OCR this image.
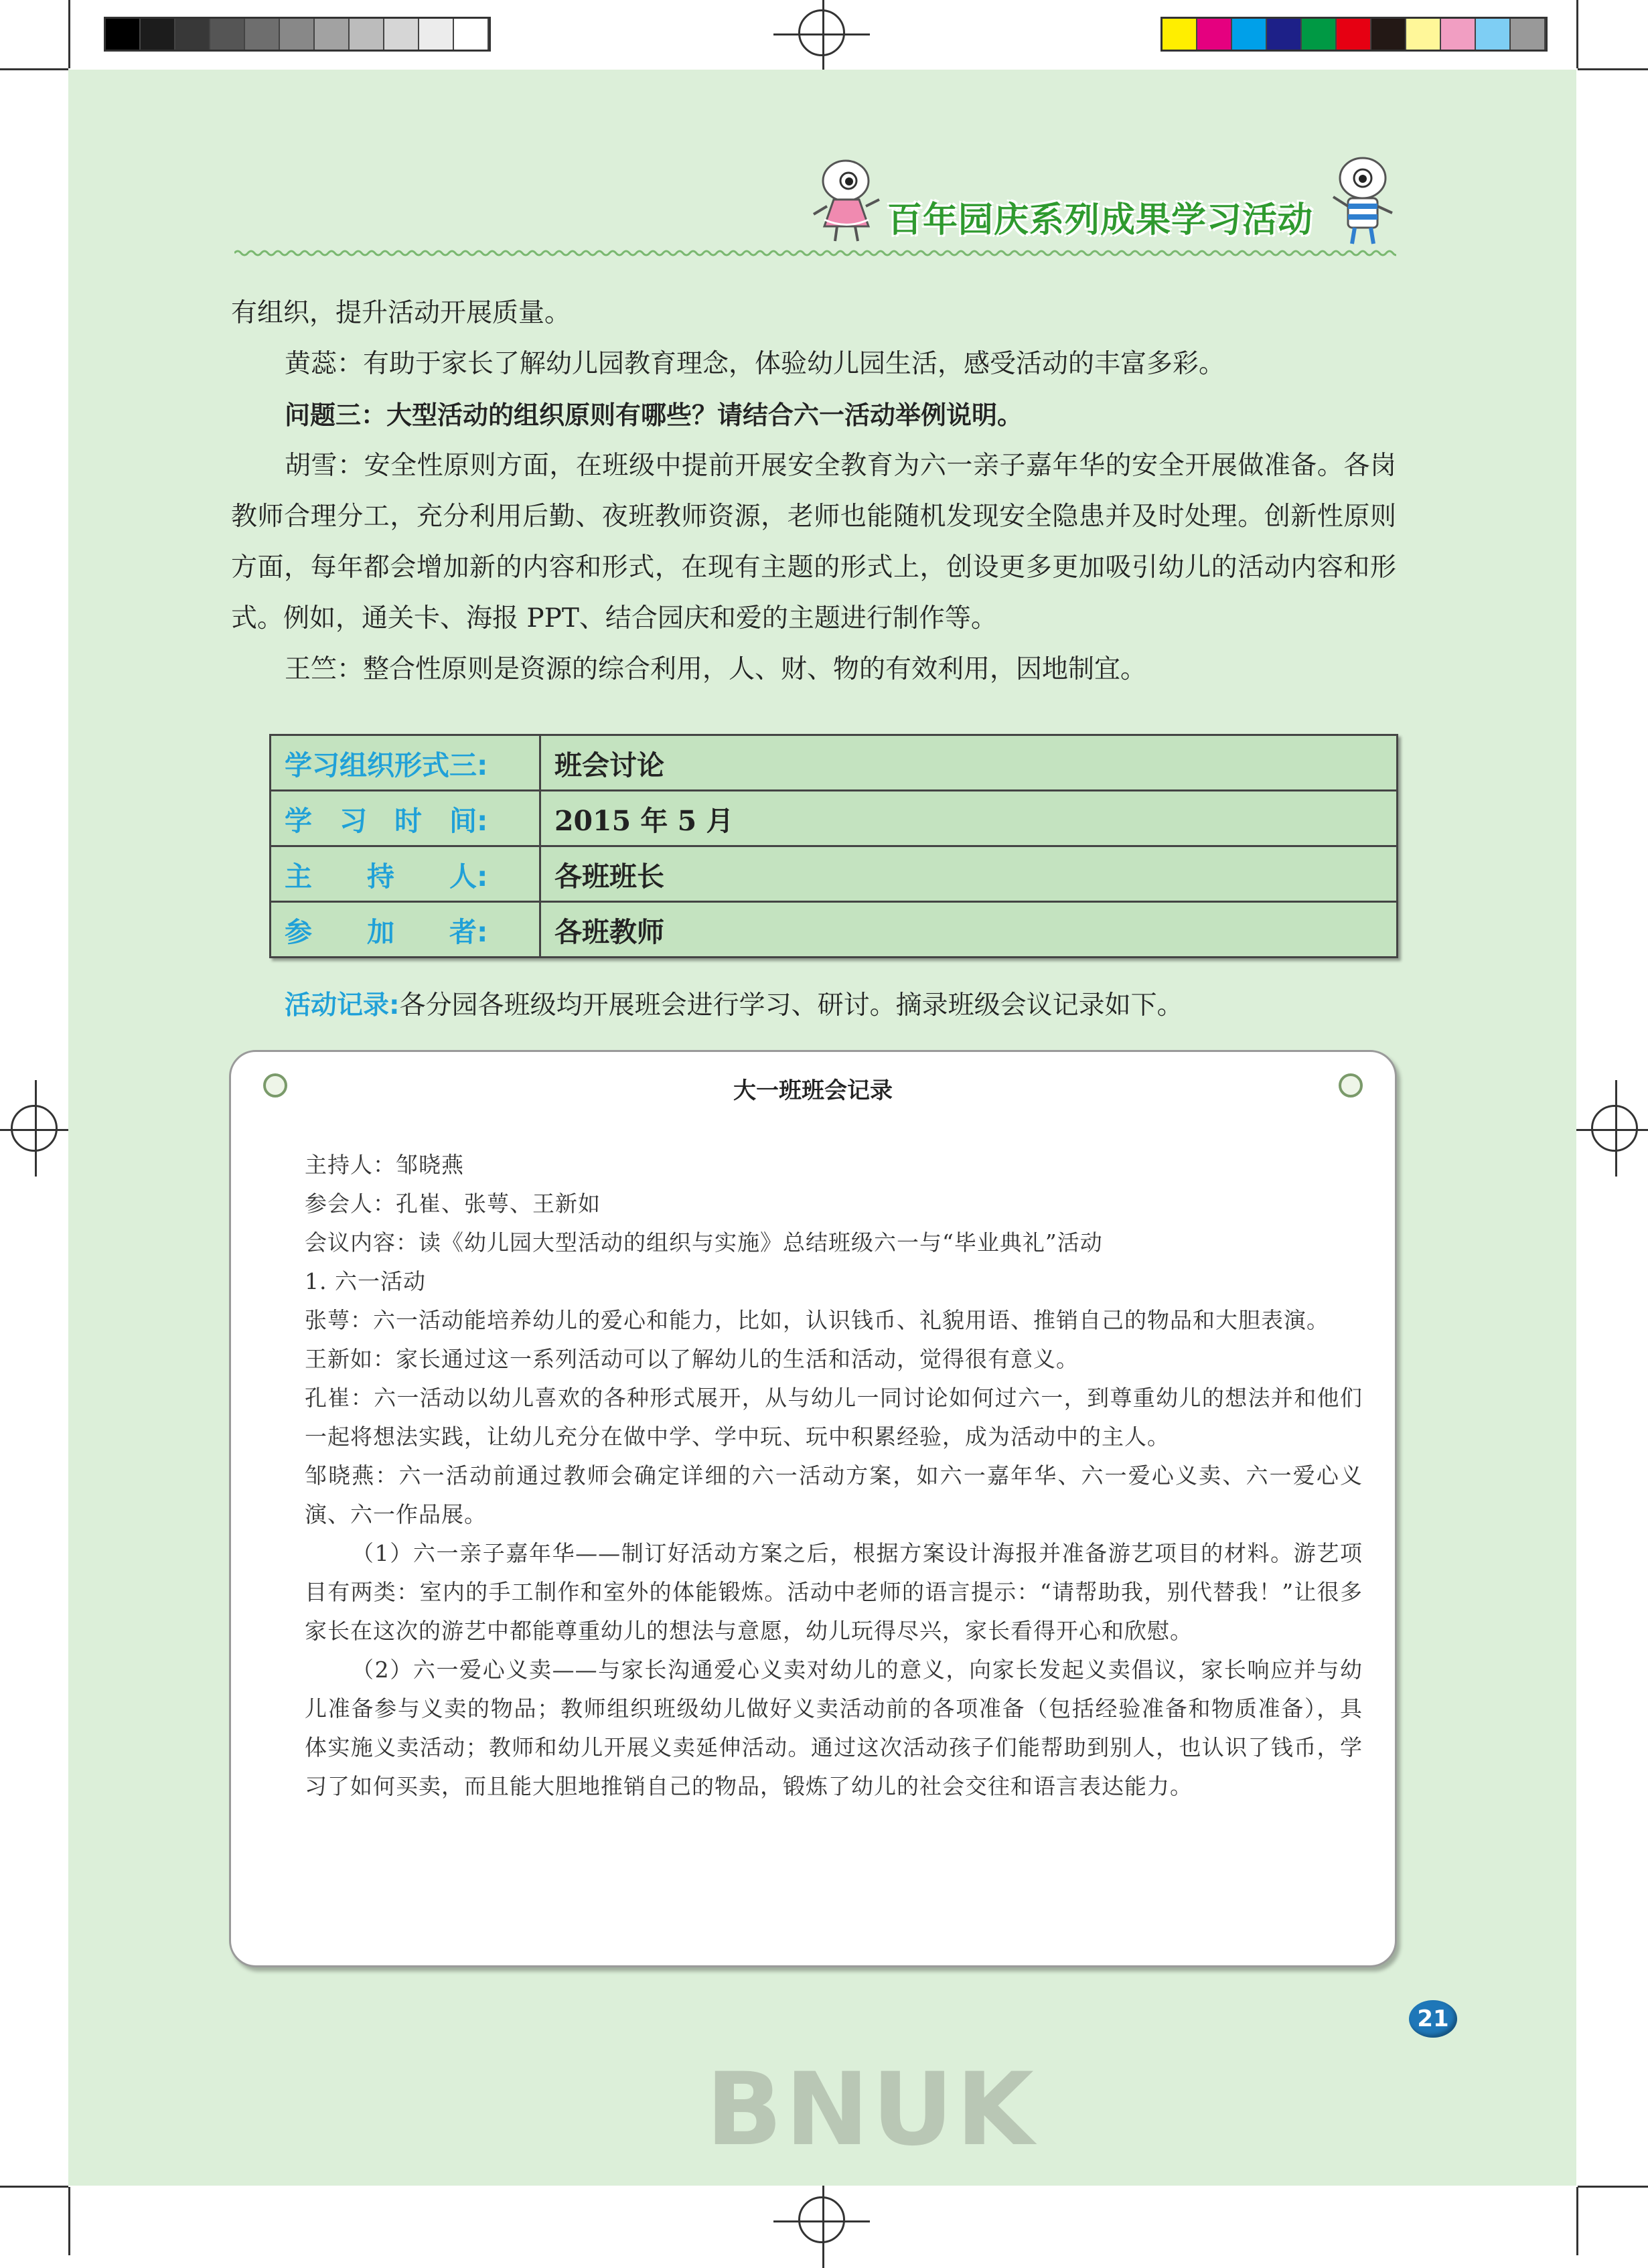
百年园庆系列成果学习活动

有组织，提升活动开展质量。

黄蕊：有助于家长了解幼儿园教育理念，体验幼儿园生活，感受活动的丰富多彩。

问题三：大型活动的组织原则有哪些？请结合六一活动举例说明。

胡雪：安全性原则方面，在班级中提前开展安全教育为六一亲子嘉年华的安全开展做准备。各岗教师合理分工，充分利用后勤、夜班教师资源，老师也能随机发现安全隐患并及时处理。创新性原则方面，每年都会增加新的内容和形式，在现有主题的形式上，创设更多更加吸引幼儿的活动内容和形式。例如，通关卡、海报 PPT、结合园庆和爱的主题进行制作等。

王竺：整合性原则是资源的综合利用，人、财、物的有效利用，因地制宜。

学习组织形式三:	班会讨论
学　习　时　间:	2015 年 5 月
主　　持　　人:	各班班长
参　　加　　者:	各班教师
活动记录:各分园各班级均开展班会进行学习、研讨。摘录班级会议记录如下。
大一班班会记录

主持人：邹晓燕

参会人：孔崔、张萼、王新如

会议内容：读《幼儿园大型活动的组织与实施》总结班级六一与“毕业典礼”活动

1. 六一活动

张萼：六一活动能培养幼儿的爱心和能力，比如，认识钱币、礼貌用语、推销自己的物品和大胆表演。

王新如：家长通过这一系列活动可以了解幼儿的生活和活动，觉得很有意义。

孔崔：六一活动以幼儿喜欢的各种形式展开，从与幼儿一同讨论如何过六一，到尊重幼儿的想法并和他们一起将想法实践，让幼儿充分在做中学、学中玩、玩中积累经验，成为活动中的主人。

邹晓燕：六一活动前通过教师会确定详细的六一活动方案，如六一嘉年华、六一爱心义卖、六一爱心义演、六一作品展。

（1）六一亲子嘉年华——制订好活动方案之后，根据方案设计海报并准备游艺项目的材料。游艺项目有两类：室内的手工制作和室外的体能锻炼。活动中老师的语言提示：“请帮助我，别代替我！”让很多家长在这次的游艺中都能尊重幼儿的想法与意愿，幼儿玩得尽兴，家长看得开心和欣慰。

（2）六一爱心义卖——与家长沟通爱心义卖对幼儿的意义，向家长发起义卖倡议，家长响应并与幼儿准备参与义卖的物品；教师组织班级幼儿做好义卖活动前的各项准备（包括经验准备和物质准备），具体实施义卖活动；教师和幼儿开展义卖延伸活动。通过这次活动孩子们能帮助到别人，也认识了钱币，学习了如何买卖，而且能大胆地推销自己的物品，锻炼了幼儿的社会交往和语言表达能力。

21
BNUK
